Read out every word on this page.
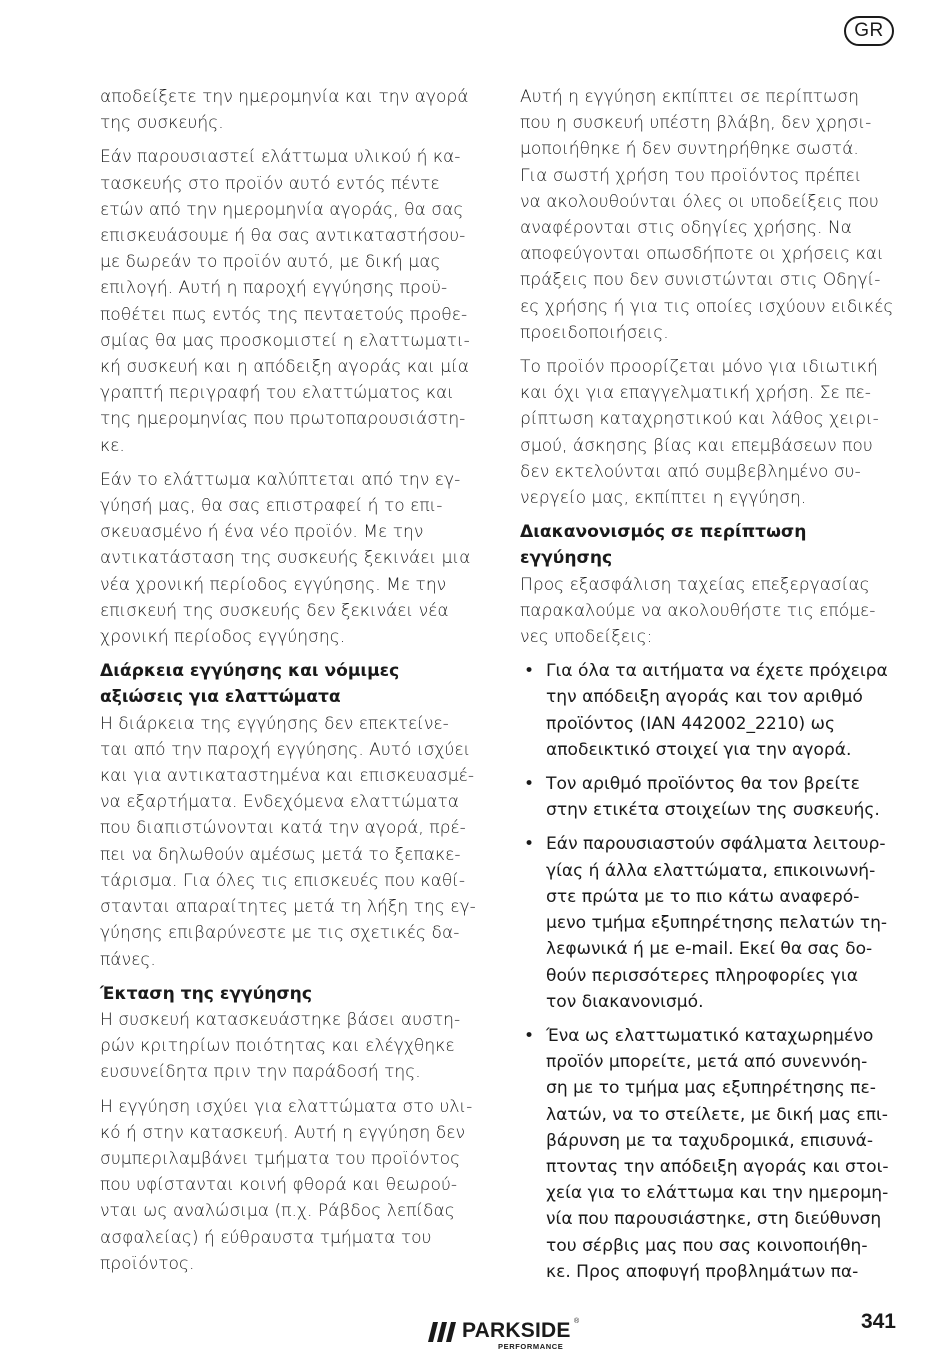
GR

αποδείξετε την ημερομηνία και την αγορά
της συσκευής.

Εάν παρουσιαστεί ελάττωμα υλικού ή κα-
τασκευής στο προϊόν αυτό εντός πέντε
ετών από την ημερομηνία αγοράς, θα σας
επισκευάσουμε ή θα σας αντικαταστήσου-
με δωρεάν το προϊόν αυτό, με δική μας
επιλογή. Αυτή η παροχή εγγύησης προϋ-
ποθέτει πως εντός της πενταετούς προθε-
σμίας θα μας προσκομιστεί η ελαττωματι-
κή συσκευή και η απόδειξη αγοράς και μία
γραπτή περιγραφή του ελαττώματος και
της ημερομηνίας που πρωτοπαρουσιάστη-
κε.

Εάν το ελάττωμα καλύπτεται από την εγ-
γύησή μας, θα σας επιστραφεί ή το επι-
σκευασμένο ή ένα νέο προϊόν. Με την
αντικατάσταση της συσκευής ξεκινάει μια
νέα χρονική περίοδος εγγύησης. Με την
επισκευή της συσκευής δεν ξεκινάει νέα
χρονική περίοδος εγγύησης.

Διάρκεια εγγύησης και νόμιμες
αξιώσεις για ελαττώματα

Η διάρκεια της εγγύησης δεν επεκτείνε-
ται από την παροχή εγγύησης. Αυτό ισχύει
και για αντικαταστημένα και επισκευασμέ-
να εξαρτήματα. Ενδεχόμενα ελαττώματα
που διαπιστώνονται κατά την αγορά, πρέ-
πει να δηλωθούν αμέσως μετά το ξεπακε-
τάρισμα. Για όλες τις επισκευές που καθί-
στανται απαραίτητες μετά τη λήξη της εγ-
γύησης επιβαρύνεστε με τις σχετικές δα-
πάνες.

Έκταση της εγγύησης

Η συσκευή κατασκευάστηκε βάσει αυστη-
ρών κριτηρίων ποιότητας και ελέγχθηκε
ευσυνείδητα πριν την παράδοσή της.

Η εγγύηση ισχύει για ελαττώματα στο υλι-
κό ή στην κατασκευή. Αυτή η εγγύηση δεν
συμπεριλαμβάνει τμήματα του προϊόντος
που υφίστανται κοινή φθορά και θεωρού-
νται ως αναλώσιμα (π.χ. Ράβδος λεπίδας
ασφαλείας) ή εύθραυστα τμήματα του
προϊόντος.

Αυτή η εγγύηση εκπίπτει σε περίπτωση
που η συσκευή υπέστη βλάβη, δεν χρησι-
μοποιήθηκε ή δεν συντηρήθηκε σωστά.
Για σωστή χρήση του προϊόντος πρέπει
να ακολουθούνται όλες οι υποδείξεις που
αναφέρονται στις οδηγίες χρήσης. Να
αποφεύγονται οπωσδήποτε οι χρήσεις και
πράξεις που δεν συνιστώνται στις Οδηγί-
ες χρήσης ή για τις οποίες ισχύουν ειδικές
προειδοποιήσεις.

Το προϊόν προορίζεται μόνο για ιδιωτική
και όχι για επαγγελματική χρήση. Σε πε-
ρίπτωση καταχρηστικού και λάθος χειρι-
σμού, άσκησης βίας και επεμβάσεων που
δεν εκτελούνται από συμβεβλημένο συ-
νεργείο μας, εκπίπτει η εγγύηση.

Διακανονισμός σε περίπτωση
εγγύησης

Προς εξασφάλιση ταχείας επεξεργασίας
παρακαλούμε να ακολουθήστε τις επόμε-
νες υποδείξεις:

• Για όλα τα αιτήματα να έχετε πρόχειρα
την απόδειξη αγοράς και τον αριθμό
προϊόντος (IAN 442002_2210) ως
αποδεικτικό στοιχεί για την αγορά.
• Τον αριθμό προϊόντος θα τον βρείτε
στην ετικέτα στοιχείων της συσκευής.
• Εάν παρουσιαστούν σφάλματα λειτουρ-
γίας ή άλλα ελαττώματα, επικοινωνή-
στε πρώτα με το πιο κάτω αναφερό-
μενο τμήμα εξυπηρέτησης πελατών τη-
λεφωνικά ή με e-mail. Εκεί θα σας δο-
θούν περισσότερες πληροφορίες για
τον διακανονισμό.
• Ένα ως ελαττωματικό καταχωρημένο
προϊόν μπορείτε, μετά από συνεννόη-
ση με το τμήμα μας εξυπηρέτησης πε-
λατών, να το στείλετε, με δική μας επι-
βάρυνση με τα ταχυδρομικά, επισυνά-
πτοντας την απόδειξη αγοράς και στοι-
χεία για το ελάττωμα και την ημερομη-
νία που παρουσιάστηκε, στη διεύθυνση
του σέρβις μας που σας κοινοποιήθη-
κε. Προς αποφυγή προβλημάτων πα-
PARKSIDE ®
PERFORMANCE
341
